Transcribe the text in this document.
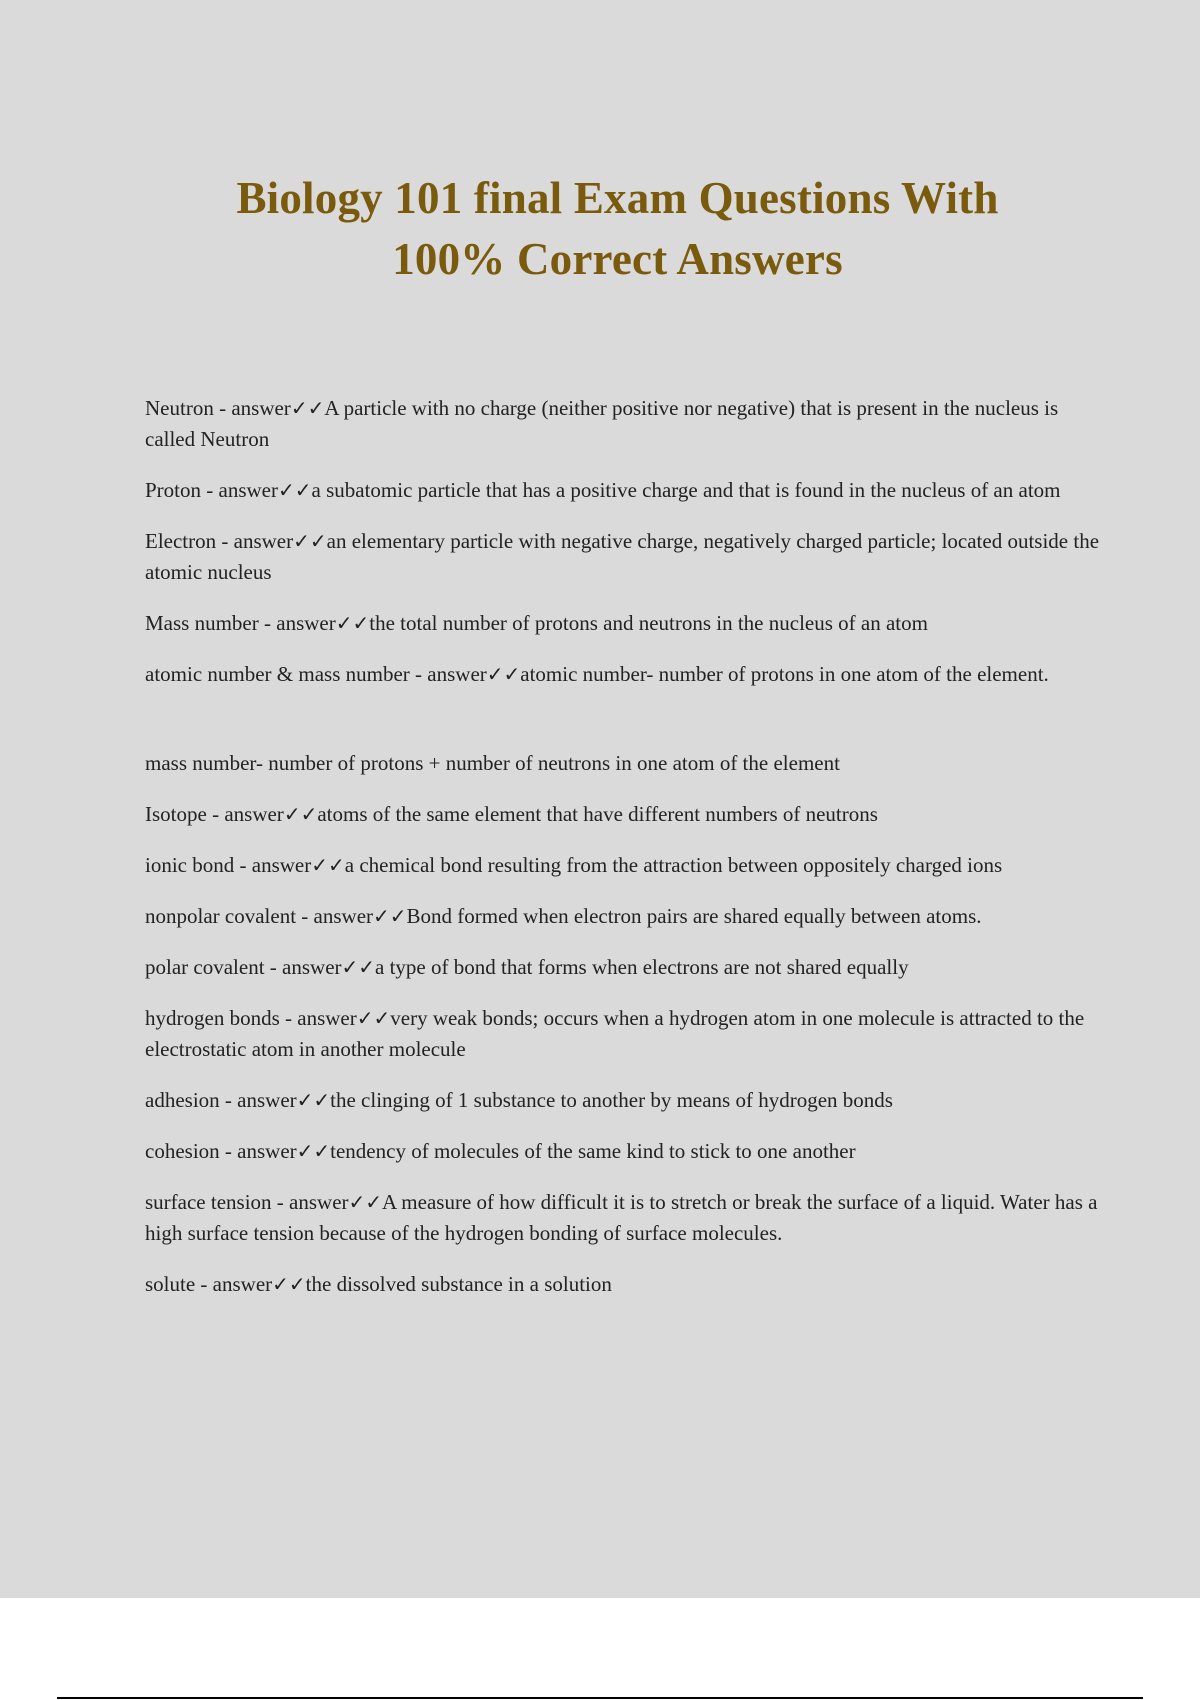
Biology 101 final Exam Questions With
100% Correct Answers
Neutron - answer✓✓A particle with no charge (neither positive nor negative) that is present in the nucleus is called Neutron
Proton - answer✓✓a subatomic particle that has a positive charge and that is found in the nucleus of an atom
Electron - answer✓✓an elementary particle with negative charge, negatively charged particle; located outside the atomic nucleus
Mass number - answer✓✓the total number of protons and neutrons in the nucleus of an atom
atomic number & mass number - answer✓✓atomic number- number of protons in one atom of the element.
mass number- number of protons + number of neutrons in one atom of the element
Isotope - answer✓✓atoms of the same element that have different numbers of neutrons
ionic bond - answer✓✓a chemical bond resulting from the attraction between oppositely charged ions
nonpolar covalent - answer✓✓Bond formed when electron pairs are shared equally between atoms.
polar covalent - answer✓✓a type of bond that forms when electrons are not shared equally
hydrogen bonds - answer✓✓very weak bonds; occurs when a hydrogen atom in one molecule is attracted to the electrostatic atom in another molecule
adhesion - answer✓✓the clinging of 1 substance to another by means of hydrogen bonds
cohesion - answer✓✓tendency of molecules of the same kind to stick to one another
surface tension - answer✓✓A measure of how difficult it is to stretch or break the surface of a liquid. Water has a high surface tension because of the hydrogen bonding of surface molecules.
solute - answer✓✓the dissolved substance in a solution
